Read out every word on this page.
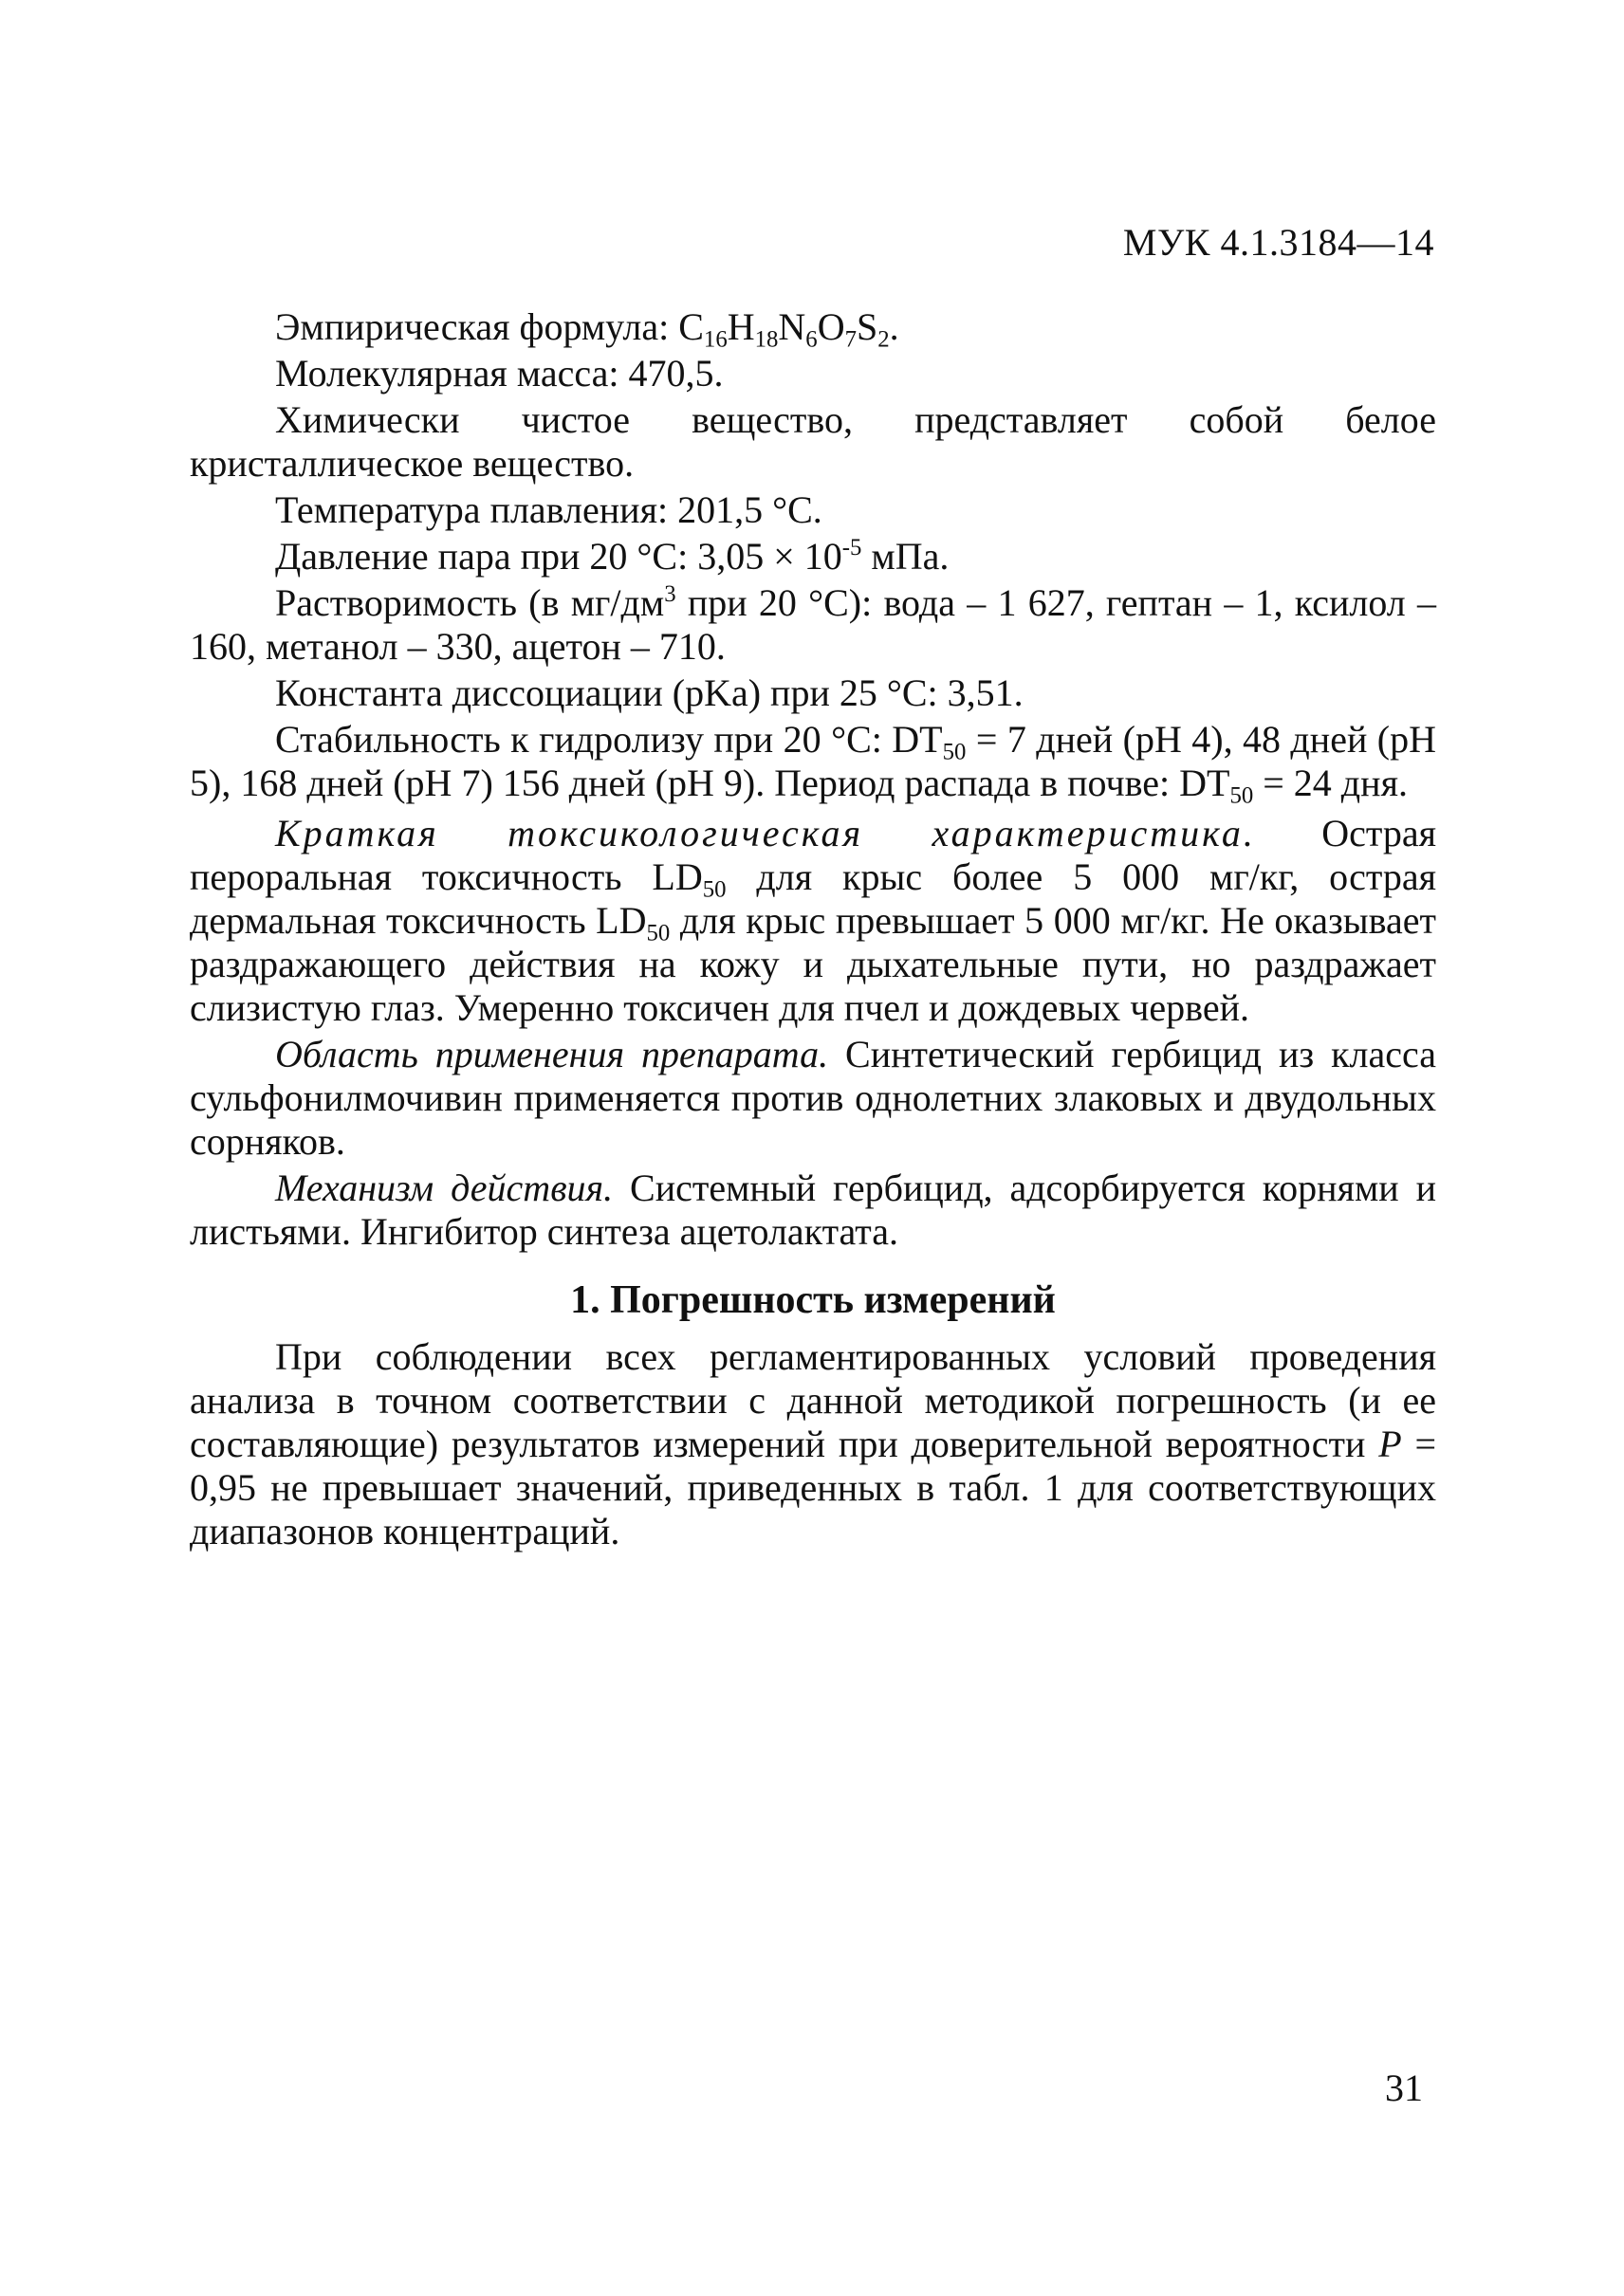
МУК 4.1.3184—14

Эмпирическая формула: $C_{16}H_{18}N_6O_7S_2$.

Молекулярная масса: 470,5.

Химически чистое вещество, представляет собой белое кристаллическое вещество.

Температура плавления: 201,5 °С.

Давление пара при 20 °С: $3,05 \times 10^{-5}$ мПа.

Растворимость (в $мг/дм^3$ при 20 °С): вода – 1 627, гептан – 1, ксилол – 160, метанол – 330, ацетон – 710.

Константа диссоциации (pKa) при 25 °С: 3,51.

Стабильность к гидролизу при 20 °С: $DT_{50} = 7$ дней (pH 4), 48 дней (pH 5), 168 дней (pH 7) 156 дней (pH 9). Период распада в почве: $DT_{50} = 24$ дня.

Краткая токсикологическая характеристика. Острая пероральная токсичность $LD_{50}$ для крыс более 5 000 мг/кг, острая дермальная токсичность $LD_{50}$ для крыс превышает 5 000 мг/кг. Не оказывает раздражающего действия на кожу и дыхательные пути, но раздражает слизистую глаз. Умеренно токсичен для пчел и дождевых червей.

Область применения препарата. Синтетический гербицид из класса сульфонилмочивин применяется против однолетних злаковых и двудольных сорняков.

Механизм действия. Системный гербицид, адсорбируется корнями и листьями. Ингибитор синтеза ацетолактата.

1. Погрешность измерений

При соблюдении всех регламентированных условий проведения анализа в точном соответствии с данной методикой погрешность (и ее составляющие) результатов измерений при доверительной вероятности P = 0,95 не превышает значений, приведенных в табл. 1 для соответствующих диапазонов концентраций.

31
